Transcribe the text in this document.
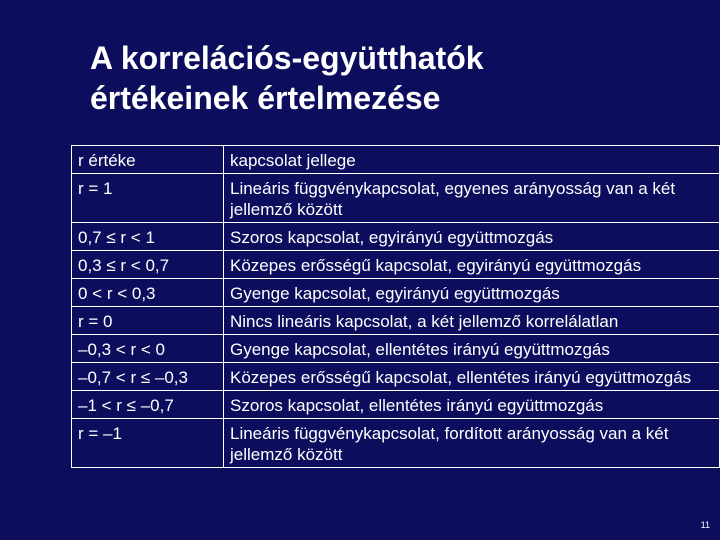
A korrelációs-együtthatók
értékeinek értelmezése
r értéke	kapcsolat jellege
r = 1	Lineáris függvénykapcsolat, egyenes arányosság van a két jellemző között
0,7 ≤ r < 1	Szoros kapcsolat, egyirányú együttmozgás
0,3 ≤ r < 0,7	Közepes erősségű kapcsolat, egyirányú együttmozgás
0 < r < 0,3	Gyenge kapcsolat, egyirányú együttmozgás
r = 0	Nincs lineáris kapcsolat, a két jellemző korrelálatlan
–0,3 < r < 0	Gyenge kapcsolat, ellentétes irányú együttmozgás
–0,7 < r ≤ –0,3	Közepes erősségű kapcsolat, ellentétes irányú együttmozgás
–1 < r ≤ –0,7	Szoros kapcsolat, ellentétes irányú együttmozgás
r = –1	Lineáris függvénykapcsolat, fordított arányosság van a két jellemző között
11
